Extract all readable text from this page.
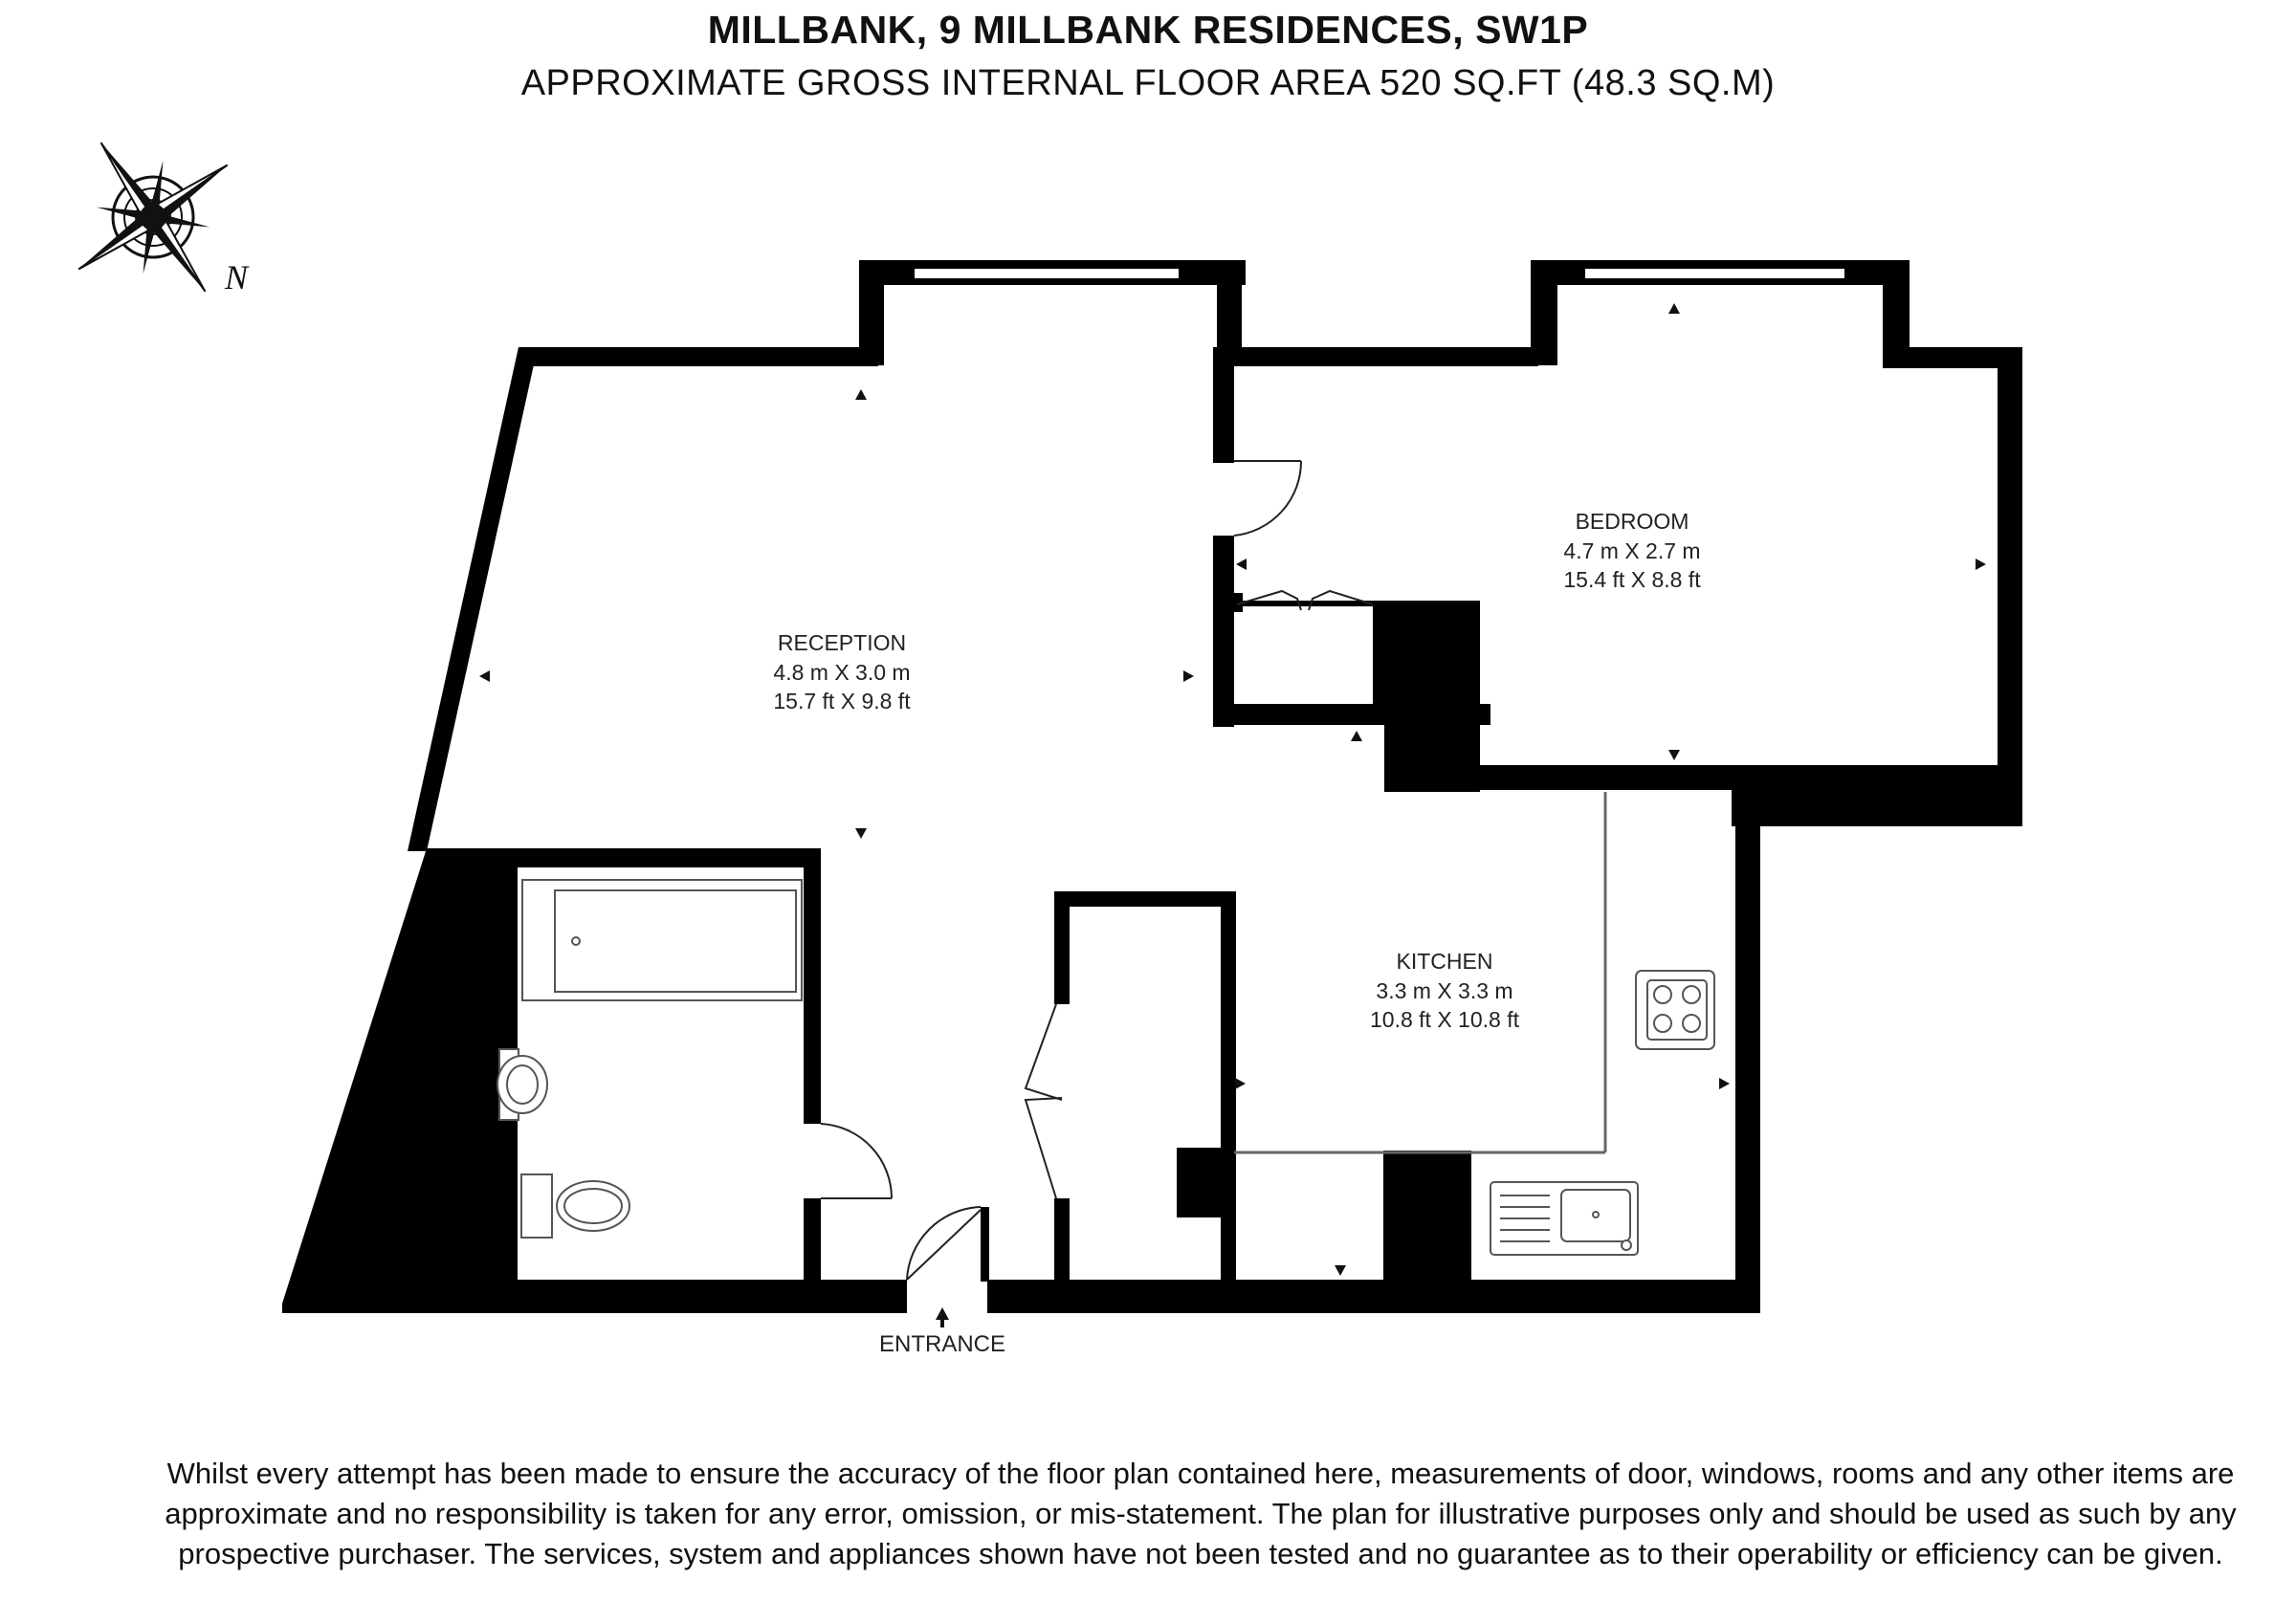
MILLBANK, 9 MILLBANK RESIDENCES, SW1P
APPROXIMATE GROSS INTERNAL FLOOR AREA 520 SQ.FT (48.3 SQ.M)
N
RECEPTION
4.8 m X 3.0 m
15.7 ft X 9.8 ft
BEDROOM
4.7 m X 2.7 m
15.4 ft X 8.8 ft
KITCHEN
3.3 m X 3.3 m
10.8 ft X 10.8 ft
ENTRANCE
Whilst every attempt has been made to ensure the accuracy of the floor plan contained here, measurements of door, windows, rooms and any other items are approximate and no responsibility is taken for any error, omission, or mis-statement. The plan for illustrative purposes only and should be used as such by any prospective purchaser. The services, system and appliances shown have not been tested and no guarantee as to their operability or efficiency can be given.
